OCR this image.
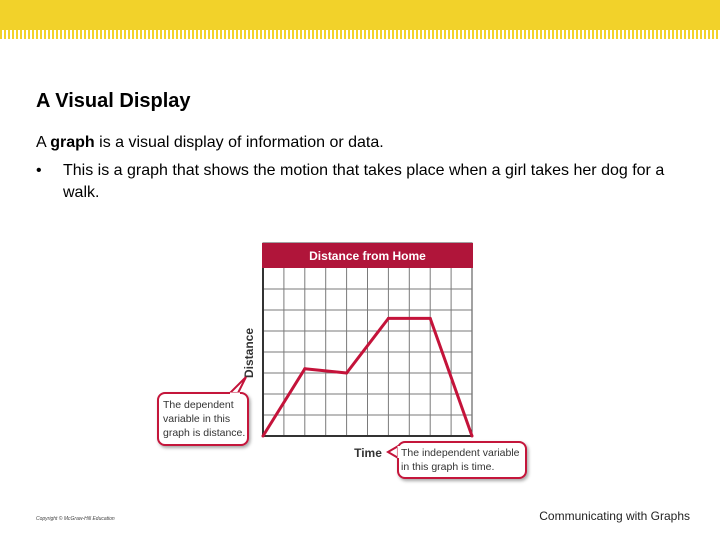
A Visual Display
A graph is a visual display of information or data.
• This is a graph that shows the motion that takes place when a girl takes her dog for a walk.
Distance from Home
Distance
Time
The dependent variable in this graph is distance.
The independent variable in this graph is time.
Copyright © McGraw-Hill Education	Communicating with Graphs
